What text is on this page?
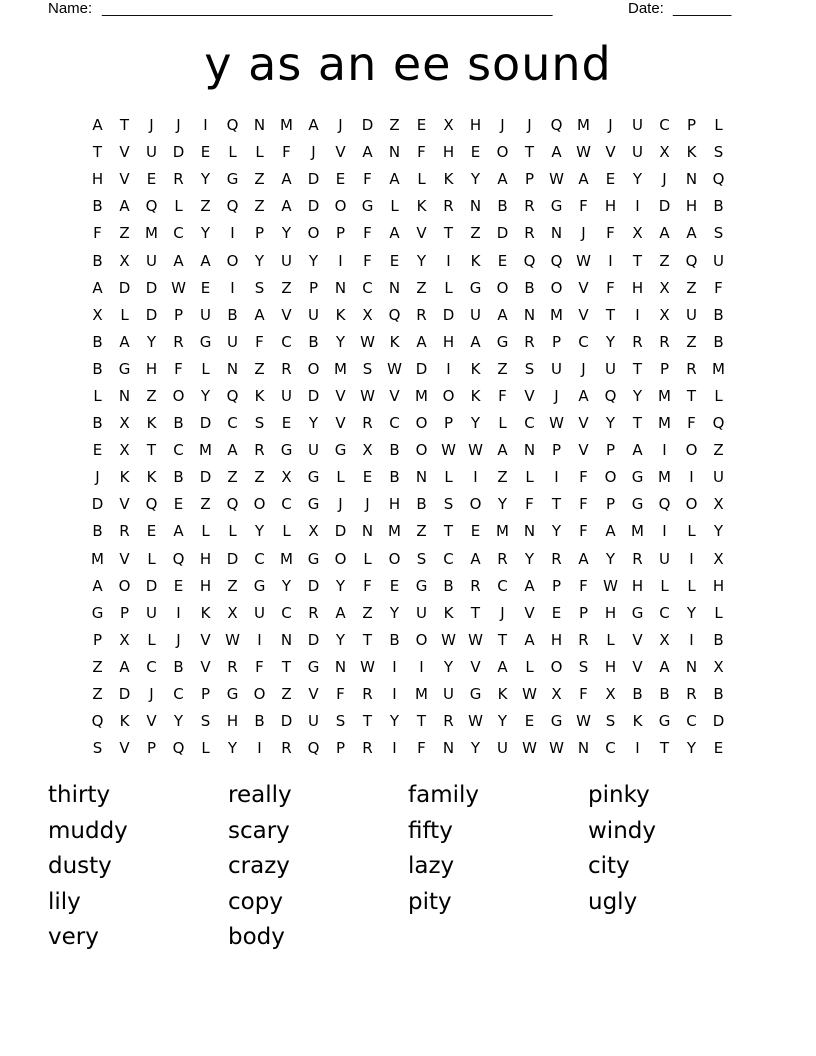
Name: ______________________________________________________	Date: _______
y as an ee sound
A	T	J	J	I	Q	N M	A	J	D	Z	E	X	H	J	J	Q M	J	U	C	P	L
T	V	U	D	E	L	L	F	J	V	A	N	F	H	E	O	T	A W V	U	X	K	S
H	V	E	R	Y	G	Z	A	D	E	F	A	L	K	Y	A	P	W A	E	Y	J	N	Q
B	A	Q	L	Z	Q	Z	A	D	O	G	L	K	R	N	B	R	G	F	H	I	D	H	B
F	Z	M	C	Y	I	P	Y	O	P	F	A	V	T	Z	D	R	N	J	F	X	A	A	S
B	X	U	A	A	O	Y	U	Y	I	F	E	Y	I	K	E	Q	Q W	I	T	Z	Q	U
A	D	D W E	I	S	Z	P	N	C	N	Z	L	G	O	B	O	V	F	H	X	Z	F
X	L	D	P	U	B	A	V	U	K	X	Q	R	D	U	A	N M	V	T	I	X	U	B
B	A	Y	R	G	U	F	C	B	Y	W K	A	H	A	G	R	P	C	Y	R	R	Z	B
B	G	H	F	L	N	Z	R	O M	S W D	I	K	Z	S	U	J	U	T	P	R	M
L	N	Z	O	Y	Q	K	U	D	V W V	M O	K	F	V	J	A	Q	Y	M	T	L
B	X	K	B	D	C	S	E	Y	V	R	C	O	P	Y	L	C W V	Y	T	M	F	Q
E	X	T	C	M	A	R	G	U	G	X	B	O W W A	N	P	V	P	A	I	O	Z
J	K	K	B	D	Z	Z	X	G	L	E	B	N	L	I	Z	L	I	F	O	G M	I	U
D	V	Q	E	Z	Q	O	C	G	J	J	H	B	S	O	Y	F	T	F	P	G	Q	O	X
B	R	E	A	L	L	Y	L	X	D	N M	Z	T	E	M N	Y	F	A	M	I	L	Y
M	V	L	Q	H	D	C	M G	O	L	O	S	C	A	R	Y	R	A	Y	R	U	I	X
A	O	D	E	H	Z	G	Y	D	Y	F	E	G	B	R	C	A	P	F	W H	L	L	H
G	P	U	I	K	X	U	C	R	A	Z	Y	U	K	T	J	V	E	P	H	G	C	Y	L
P	X	L	J	V W	I	N	D	Y	T	B	O W W T	A	H	R	L	V	X	I	B
Z	A	C	B	V	R	F	T	G	N W	I	I	Y	V	A	L	O	S	H	V	A	N	X
Z	D	J	C	P	G	O	Z	V	F	R	I	M	U	G	K W X	F	X	B	B	R	B
Q	K	V	Y	S	H	B	D	U	S	T	Y	T	R W Y	E	G W S	K	G	C	D
S	V	P	Q	L	Y	I	R	Q	P	R	I	F	N	Y	U W W N	C	I	T	Y	E
thirty	really	family	pinky
muddy	scary	fifty	windy
dusty	crazy	lazy	city
lily	copy	pity	ugly
very	body
